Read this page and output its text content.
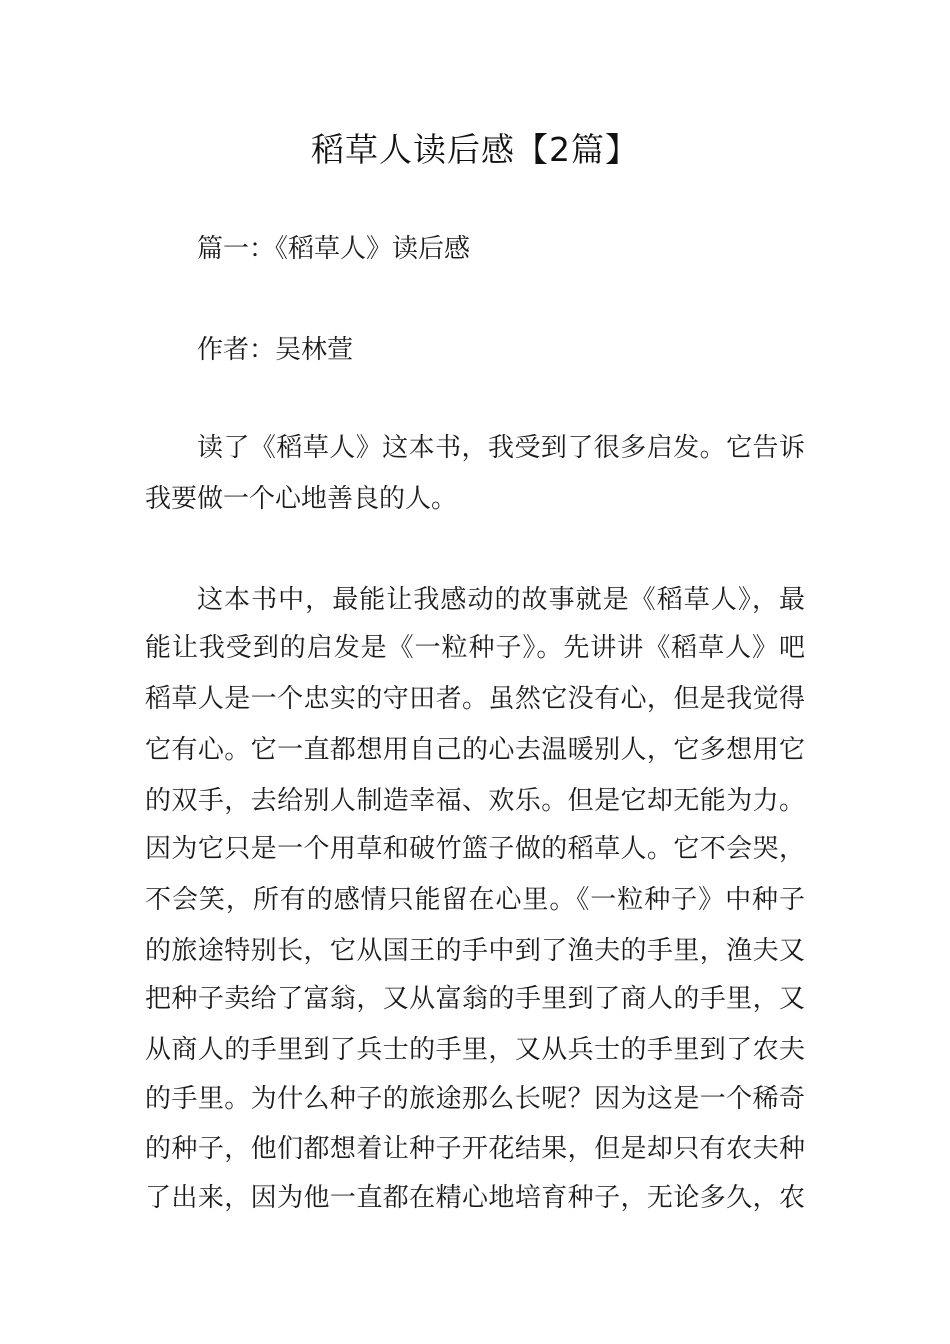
稻草人读后感【2篇】
篇一：《稻草人》读后感
作者：吴林萱
读了《稻草人》这本书，我受到了很多启发。它告诉
我要做一个心地善良的人。
这本书中，最能让我感动的故事就是《稻草人》，最
能让我受到的启发是《一粒种子》。先讲讲《稻草人》吧
稻草人是一个忠实的守田者。虽然它没有心，但是我觉得
它有心。它一直都想用自己的心去温暖别人，它多想用它
的双手，去给别人制造幸福、欢乐。但是它却无能为力。
因为它只是一个用草和破竹篮子做的稻草人。它不会哭，
不会笑，所有的感情只能留在心里。《一粒种子》中种子
的旅途特别长，它从国王的手中到了渔夫的手里，渔夫又
把种子卖给了富翁，又从富翁的手里到了商人的手里，又
从商人的手里到了兵士的手里，又从兵士的手里到了农夫
的手里。为什么种子的旅途那么长呢？因为这是一个稀奇
的种子，他们都想着让种子开花结果，但是却只有农夫种
了出来，因为他一直都在精心地培育种子，无论多久，农
